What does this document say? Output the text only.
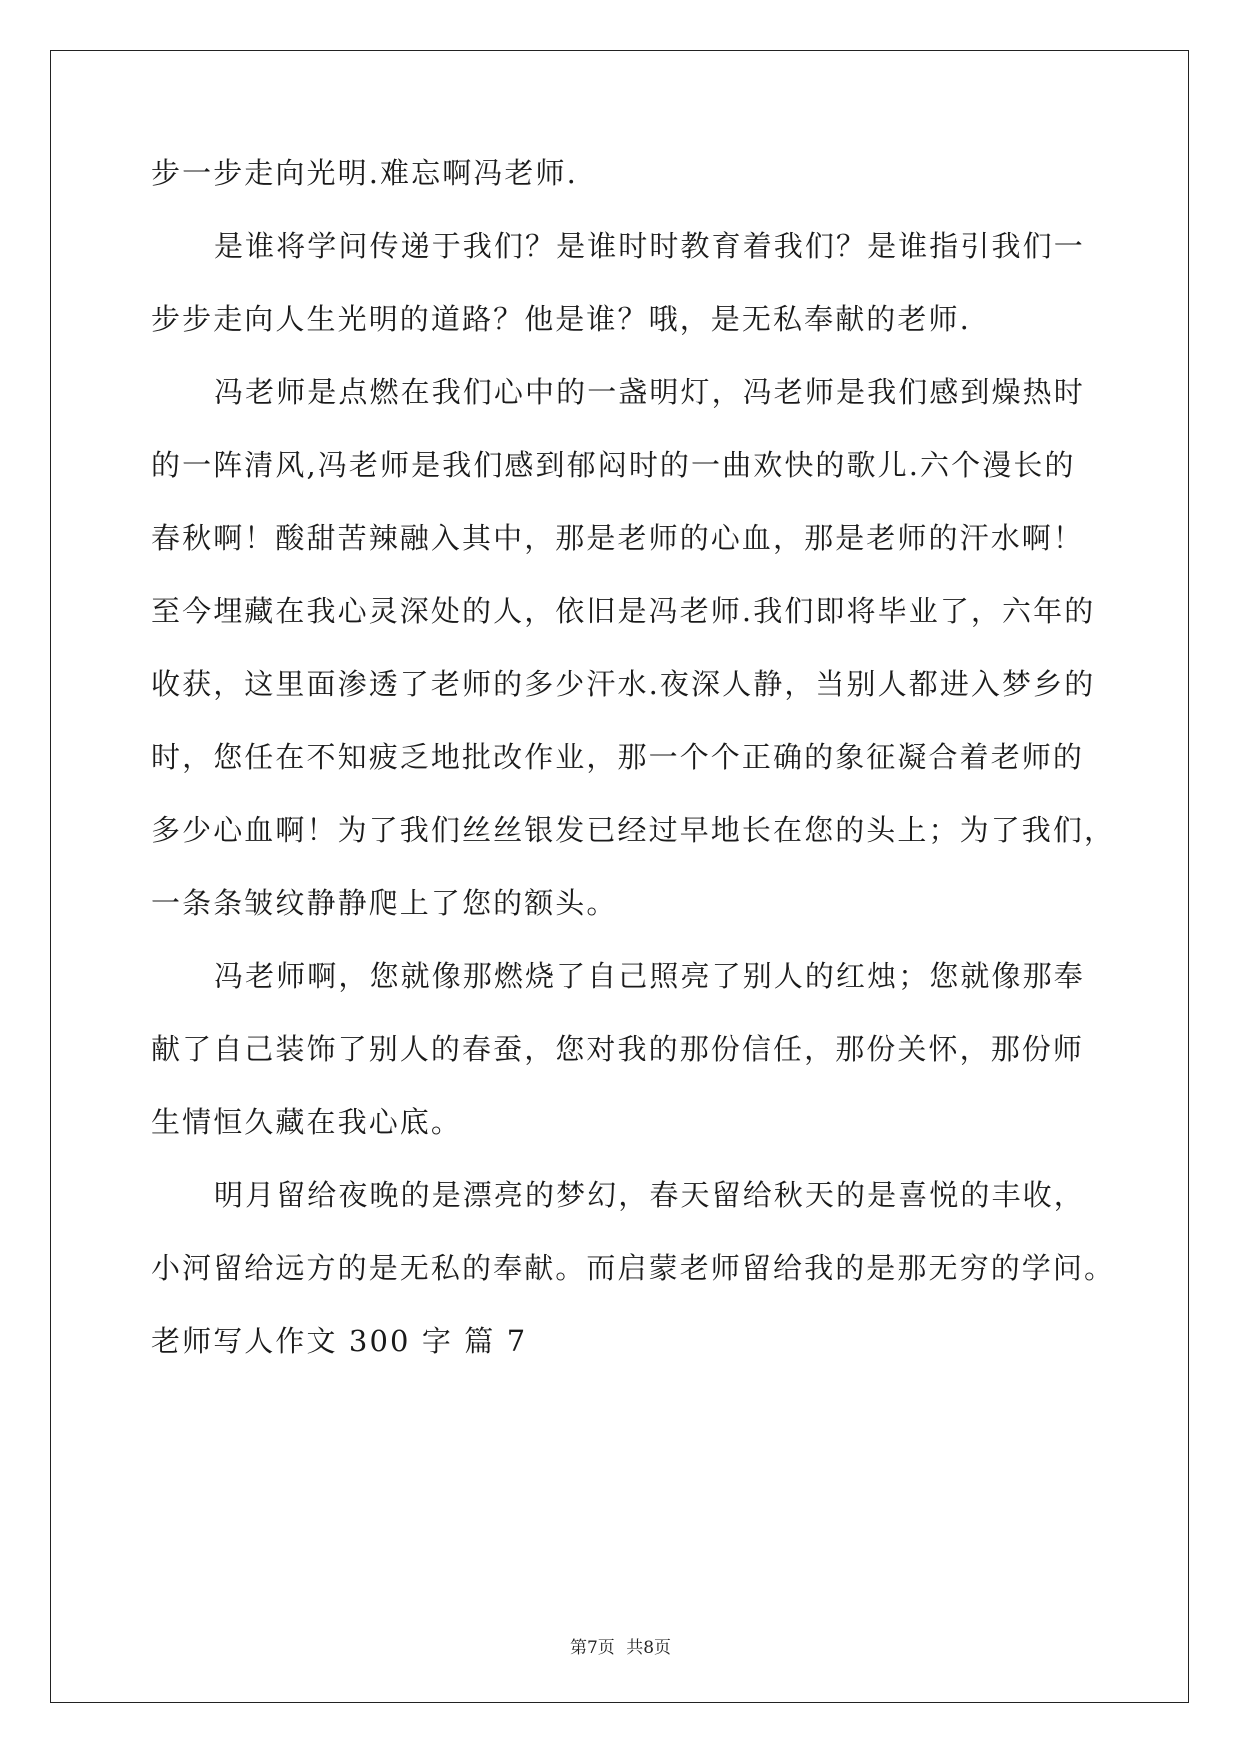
步一步走向光明.难忘啊冯老师.
是谁将学问传递于我们？是谁时时教育着我们？是谁指引我们一
步步走向人生光明的道路？他是谁？哦，是无私奉献的老师.
冯老师是点燃在我们心中的一盏明灯，冯老师是我们感到燥热时
的一阵清风,冯老师是我们感到郁闷时的一曲欢快的歌儿.六个漫长的
春秋啊！酸甜苦辣融入其中，那是老师的心血，那是老师的汗水啊！
至今埋藏在我心灵深处的人，依旧是冯老师.我们即将毕业了，六年的
收获，这里面渗透了老师的多少汗水.夜深人静，当别人都进入梦乡的
时，您任在不知疲乏地批改作业，那一个个正确的象征凝合着老师的
多少心血啊！为了我们丝丝银发已经过早地长在您的头上；为了我们，
一条条皱纹静静爬上了您的额头。
冯老师啊，您就像那燃烧了自己照亮了别人的红烛；您就像那奉
献了自己装饰了别人的春蚕，您对我的那份信任，那份关怀，那份师
生情恒久藏在我心底。
明月留给夜晚的是漂亮的梦幻，春天留给秋天的是喜悦的丰收，
小河留给远方的是无私的奉献。而启蒙老师留给我的是那无穷的学问。
老师写人作文 300 字 篇 7
第7页 共8页
